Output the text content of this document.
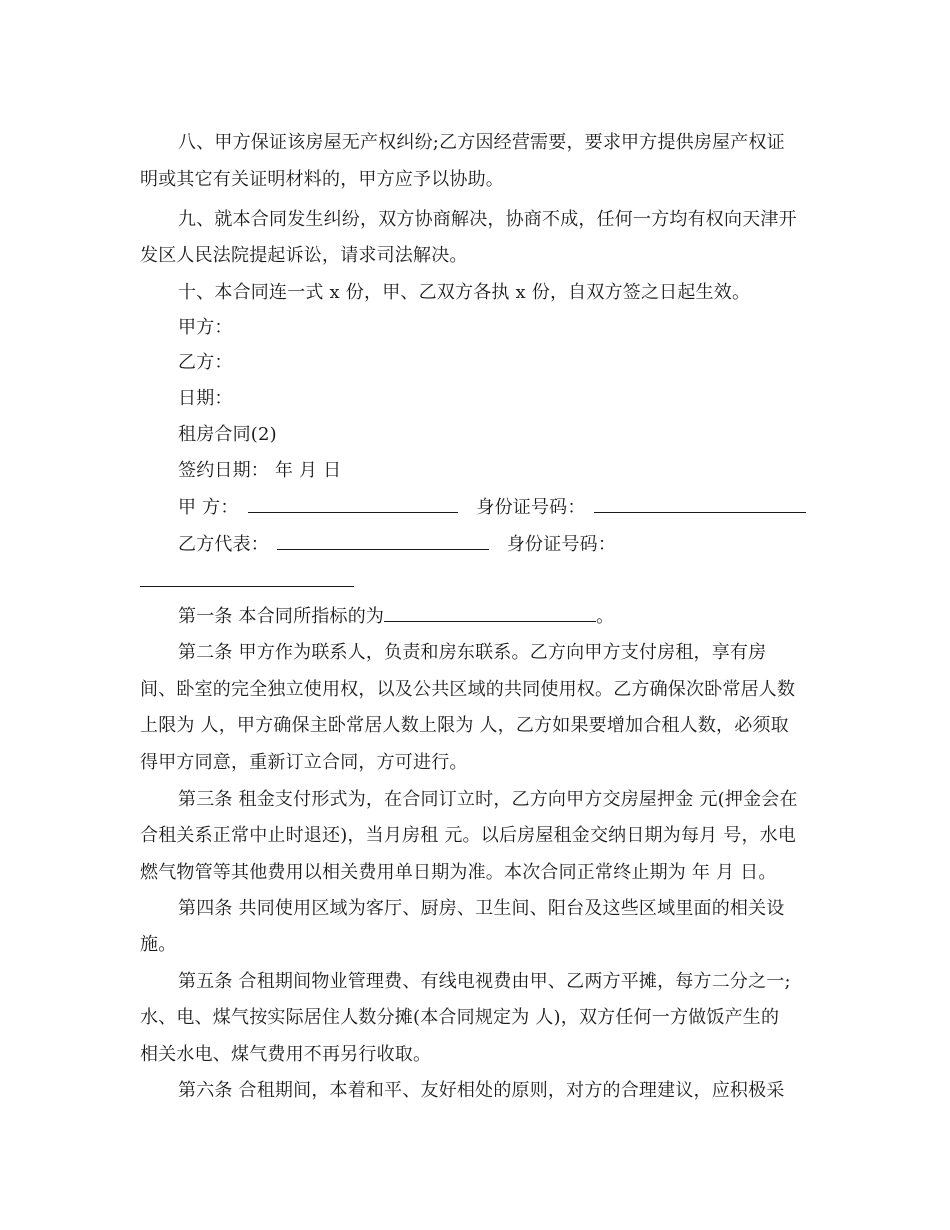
八、甲方保证该房屋无产权纠纷;乙方因经营需要，要求甲方提供房屋产权证
明或其它有关证明材料的，甲方应予以协助。
九、就本合同发生纠纷，双方协商解决，协商不成，任何一方均有权向天津开
发区人民法院提起诉讼，请求司法解决。
十、本合同连一式 x 份，甲、乙双方各执 x 份，自双方签之日起生效。
甲方：
乙方：
日期：
租房合同(2)
签约日期： 年 月 日
甲 方：	身份证号码：
乙方代表：	身份证号码：
第一条 本合同所指标的为	。
第二条 甲方作为联系人，负责和房东联系。乙方向甲方支付房租，享有房
间、卧室的完全独立使用权，以及公共区域的共同使用权。乙方确保次卧常居人数
上限为 人，甲方确保主卧常居人数上限为 人，乙方如果要增加合租人数，必须取
得甲方同意，重新订立合同，方可进行。
第三条 租金支付形式为，在合同订立时，乙方向甲方交房屋押金 元(押金会在
合租关系正常中止时退还)，当月房租 元。以后房屋租金交纳日期为每月 号，水电
燃气物管等其他费用以相关费用单日期为准。本次合同正常终止期为 年 月 日。
第四条 共同使用区域为客厅、厨房、卫生间、阳台及这些区域里面的相关设
施。
第五条 合租期间物业管理费、有线电视费由甲、乙两方平摊，每方二分之一;
水、电、煤气按实际居住人数分摊(本合同规定为 人)，双方任何一方做饭产生的
相关水电、煤气费用不再另行收取。
第六条 合租期间，本着和平、友好相处的原则，对方的合理建议，应积极采
